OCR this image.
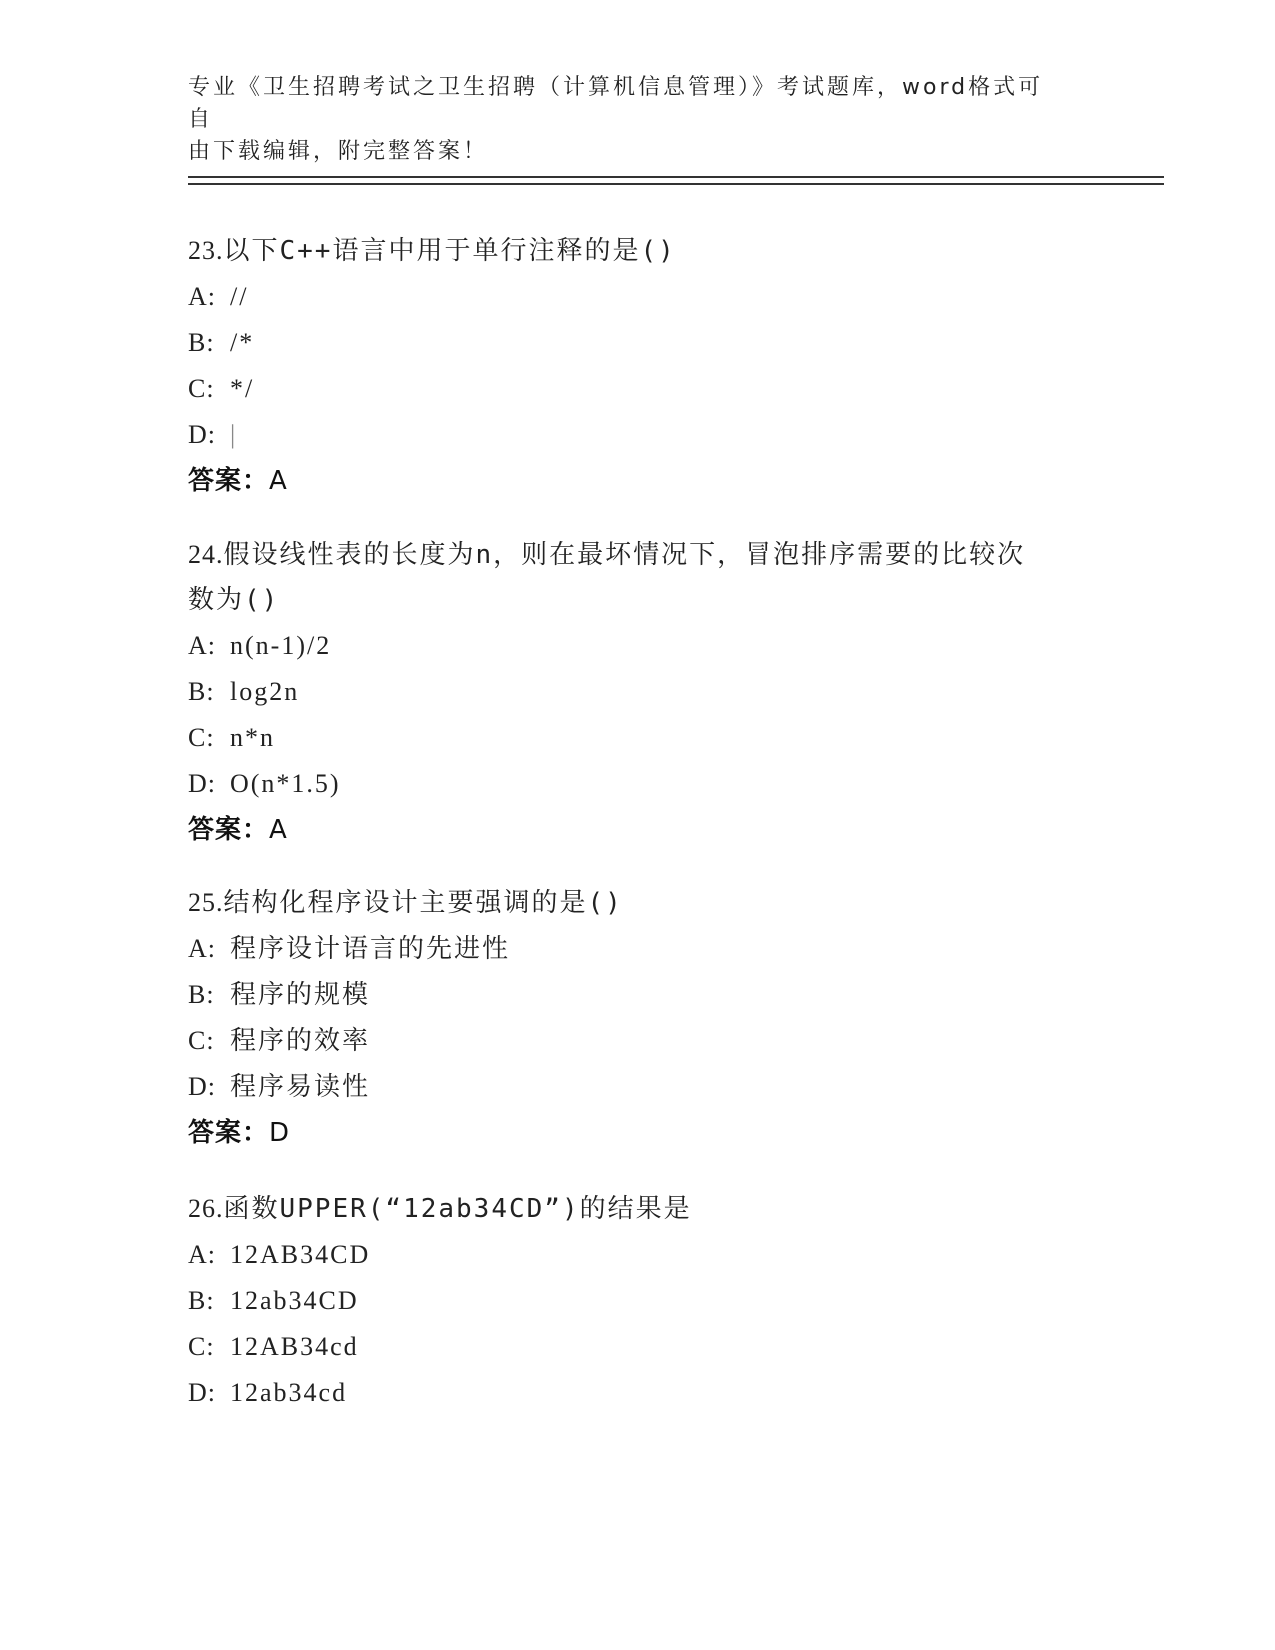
专业《卫生招聘考试之卫生招聘（计算机信息管理）》考试题库，word格式可自
由下载编辑，附完整答案！

23.以下C++语言中用于单行注释的是()

A: //
B: /*
C: */
D: |
答案：A

24.假设线性表的长度为n，则在最坏情况下，冒泡排序需要的比较次数为()

A: n(n-1)/2
B: log2n
C: n*n
D: O(n*1.5)
答案：A

25.结构化程序设计主要强调的是()

A: 程序设计语言的先进性
B: 程序的规模
C: 程序的效率
D: 程序易读性
答案：D

26.函数UPPER(“12ab34CD”)的结果是

A: 12AB34CD
B: 12ab34CD
C: 12AB34cd
D: 12ab34cd
